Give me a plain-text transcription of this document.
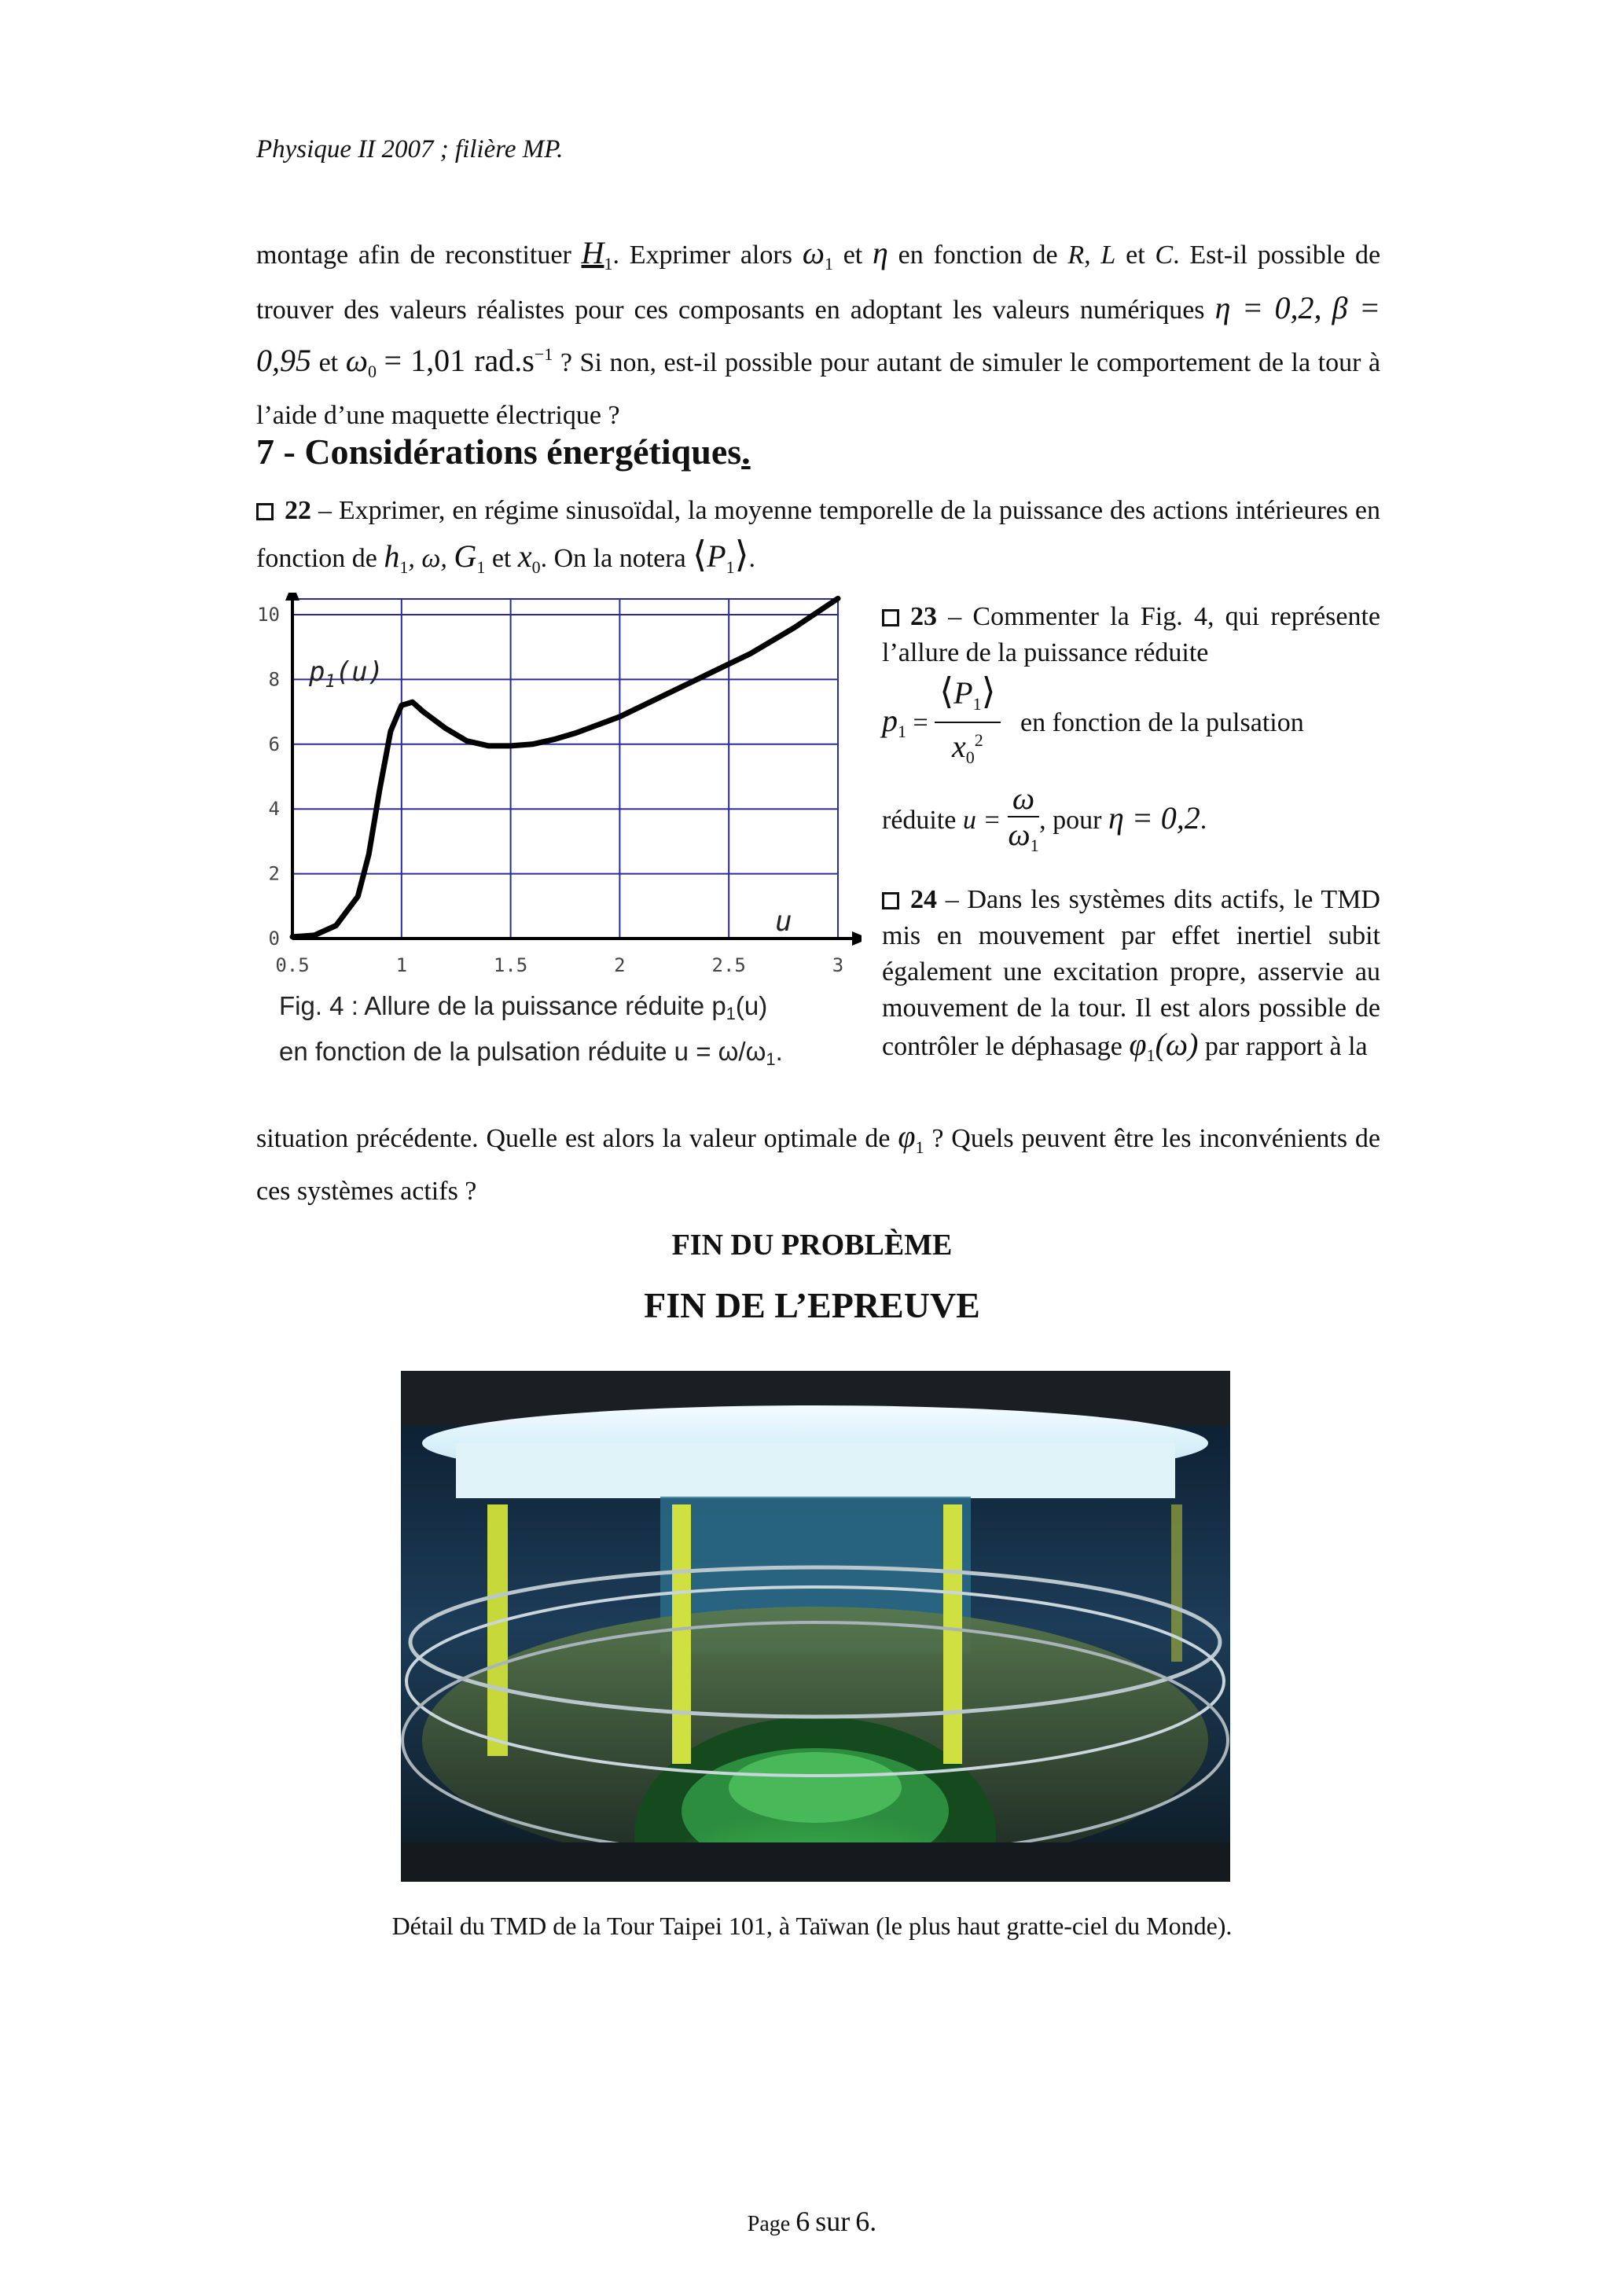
Physique II 2007 ; filière MP.
montage afin de reconstituer $H_1$. Exprimer alors $\omega_1$ et η en fonction de R, L et C. Est-il possible de trouver des valeurs réalistes pour ces composants en adoptant les valeurs numériques η = 0,2, β = 0,95 et $\omega_0 = 1,01$ $rad.s^{-1}$ ? Si non, est-il possible pour autant de simuler le comportement de la tour à l’aide d’une maquette électrique ?
7 - Considérations énergétiques.
22 – Exprimer, en régime sinusoïdal, la moyenne temporelle de la puissance des actions intérieures en fonction de $h_1$, ω, $G_1$ et $x_0$. On la notera $⟨P_1⟩$.
0.5	1	1.5	2	2.5	3
0
2
4
6
8
10
$p_1(u)$
u
Fig. 4 : Allure de la puissance réduite p1(u)
en fonction de la pulsation réduite u = ω/ω1.
23 – Commenter la Fig. 4, qui représente l’allure de la puissance réduite
$p_1 = \frac{⟨P_1⟩}{x_0^2}$ en fonction de la pulsation
réduite $u = \frac{\omega}{\omega_1}$ , pour η = 0,2.
24 – Dans les systèmes dits actifs, le TMD mis en mouvement par effet inertiel subit également une excitation propre, asservie au mouvement de la tour. Il est alors possible de contrôler le déphasage $\varphi_1(\omega)$ par rapport à la
situation précédente. Quelle est alors la valeur optimale de $\varphi_1$ ? Quels peuvent être les inconvénients de ces systèmes actifs ?
FIN DU PROBLÈME
FIN DE L’EPREUVE
Détail du TMD de la Tour Taipei 101, à Taïwan (le plus haut gratte-ciel du Monde).
Page 6 sur 6.
